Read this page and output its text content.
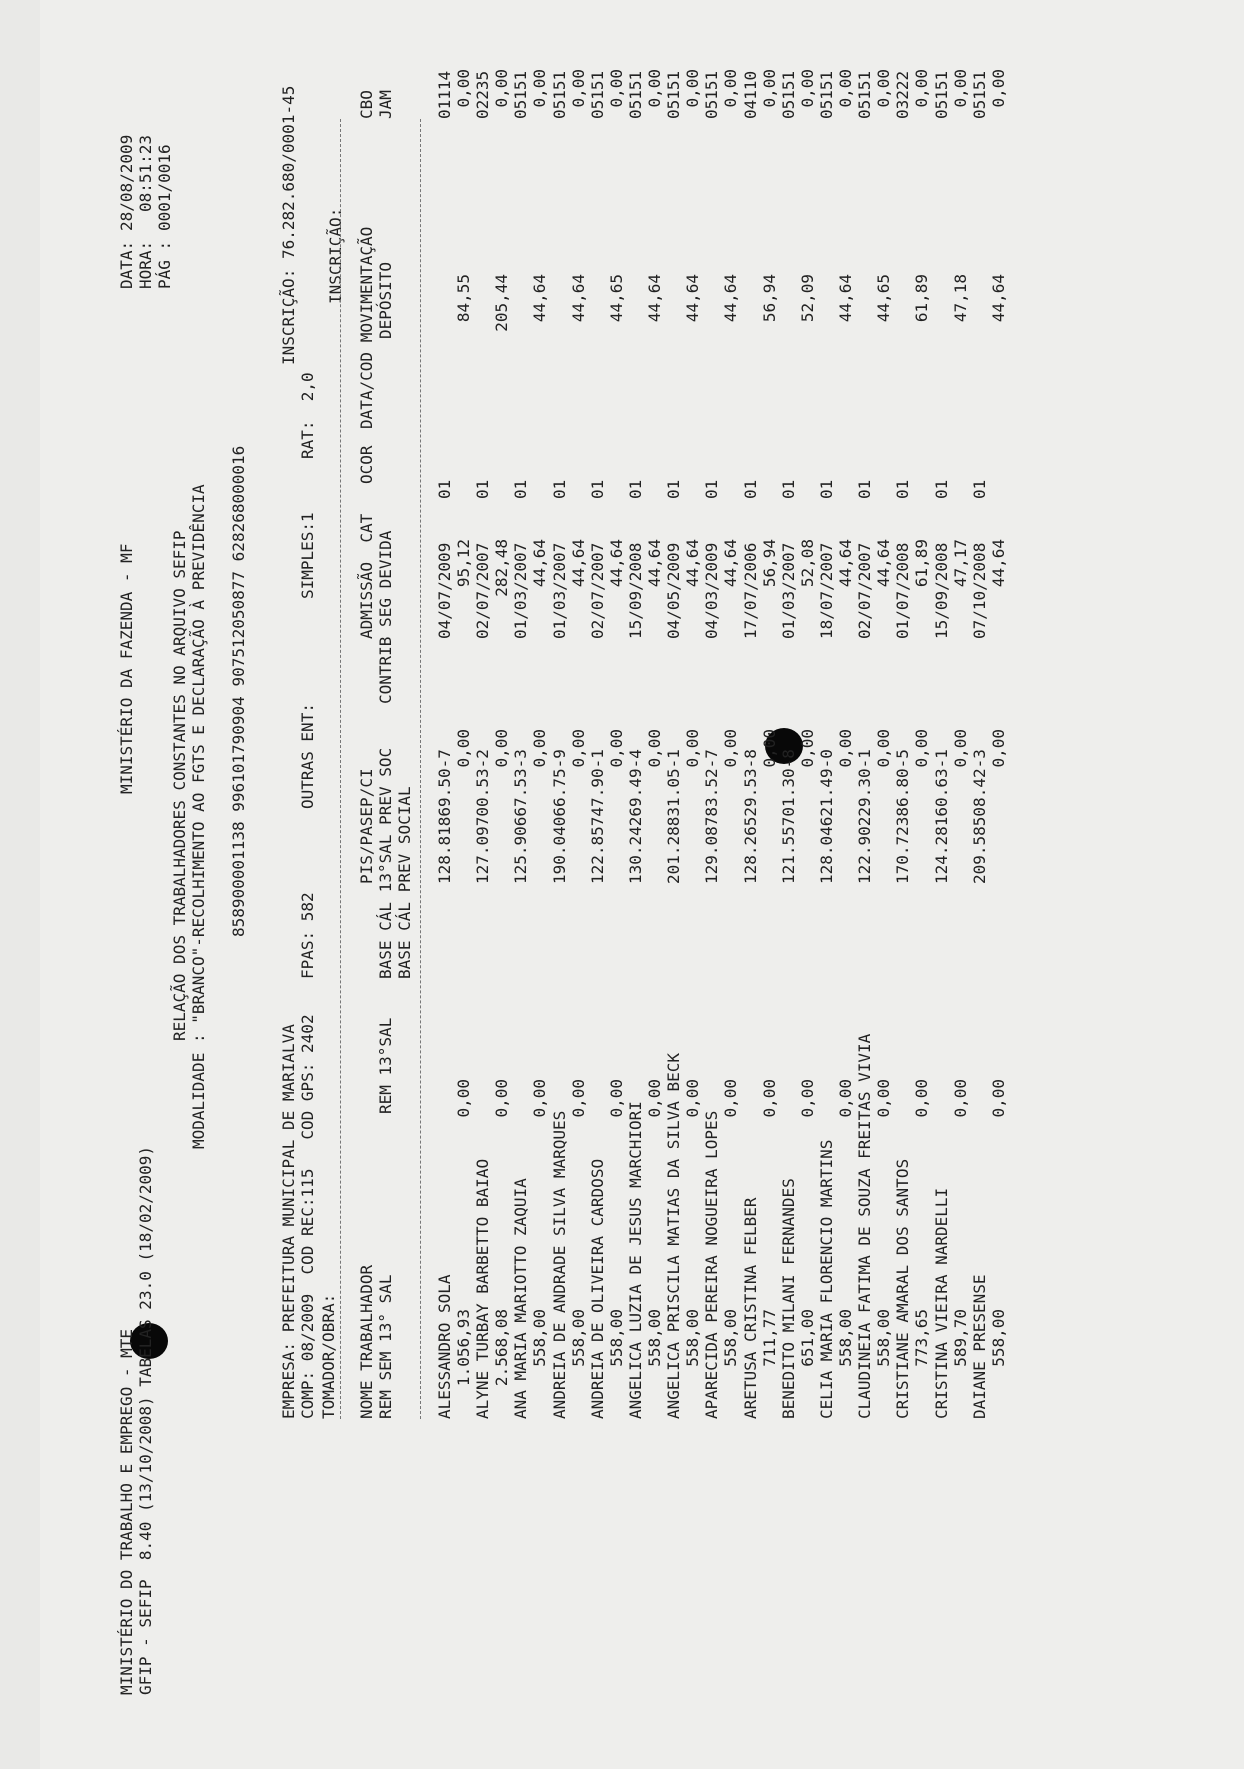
MINISTÉRIO DO TRABALHO E EMPREGO - MTE GFIP - SEFIP  8.40 (13/10/2008) TABELAS 23.0 (18/02/2009)
MINISTÉRIO DA FAZENDA - MF
DATA:
28/08/2009
HORA:
08:51:23
PÁG :
0001/0016
RELAÇÃO DOS TRABALHADORES CONSTANTES NO ARQUIVO SEFIP MODALIDADE : "BRANCO"-RECOLHIMENTO AO FGTS E DECLARAÇÃO À PREVIDÊNCIA 858900001138 996101790904 907512050877 628268000016
EMPRESA: PREFEITURA MUNICIPAL DE MARIALVA
INSCRIÇÃO: 76.282.680/0001-45
COMP: 08/2009  COD REC:115   COD GPS: 2402
FPAS: 582
OUTRAS ENT:
SIMPLES:1
RAT:  2,0
TOMADOR/OBRA:
INSCRIÇÃO:
NOME TRABALHADOR
PIS/PASEP/CI
ADMISSÃO  CAT
OCOR
DATA/COD MOVIMENTAÇÃO
CBO
REM SEM 13° SAL
REM 13°SAL
BASE CÁL 13°SAL PREV SOC
CONTRIB SEG DEVIDA
DEPÓSITO
JAM
BASE CÁL PREV SOCIAL
ALESSANDRO SOLA
128.81869.50-7
04/07/2009
01
01114
1.056,93
0,00
0,00
95,12
84,55
0,00
ALYNE TURBAY BARBETTO BAIAO
127.09700.53-2
02/07/2007
01
02235
2.568,08
0,00
0,00
282,48
205,44
0,00
ANA MARIA MARIOTTO ZAQUIA
125.90667.53-3
01/03/2007
01
05151
558,00
0,00
0,00
44,64
44,64
0,00
ANDREIA DE ANDRADE SILVA MARQUES
190.04066.75-9
01/03/2007
01
05151
558,00
0,00
0,00
44,64
44,64
0,00
ANDREIA DE OLIVEIRA CARDOSO
122.85747.90-1
02/07/2007
01
05151
558,00
0,00
0,00
44,64
44,65
0,00
ANGELICA LUZIA DE JESUS MARCHIORI
130.24269.49-4
15/09/2008
01
05151
558,00
0,00
0,00
44,64
44,64
0,00
ANGELICA PRISCILA MATIAS DA SILVA BECK
201.28831.05-1
04/05/2009
01
05151
558,00
0,00
0,00
44,64
44,64
0,00
APARECIDA PEREIRA NOGUEIRA LOPES
129.08783.52-7
04/03/2009
01
05151
558,00
0,00
0,00
44,64
44,64
0,00
ARETUSA CRISTINA FELBER
128.26529.53-8
17/07/2006
01
04110
711,77
0,00
0,00
56,94
56,94
0,00
BENEDITO MILANI FERNANDES
121.55701.30-8
01/03/2007
01
05151
651,00
0,00
0,00
52,08
52,09
0,00
CELIA MARIA FLORENCIO MARTINS
128.04621.49-0
18/07/2007
01
05151
558,00
0,00
0,00
44,64
44,64
0,00
CLAUDINEIA FATIMA DE SOUZA FREITAS VIVIA
122.90229.30-1
02/07/2007
01
05151
558,00
0,00
0,00
44,64
44,65
0,00
CRISTIANE AMARAL DOS SANTOS
170.72386.80-5
01/07/2008
01
03222
773,65
0,00
0,00
61,89
61,89
0,00
CRISTINA VIEIRA NARDELLI
124.28160.63-1
15/09/2008
01
05151
589,70
0,00
0,00
47,17
47,18
0,00
DAIANE PRESENSE
209.58508.42-3
07/10/2008
01
05151
558,00
0,00
0,00
44,64
44,64
0,00
